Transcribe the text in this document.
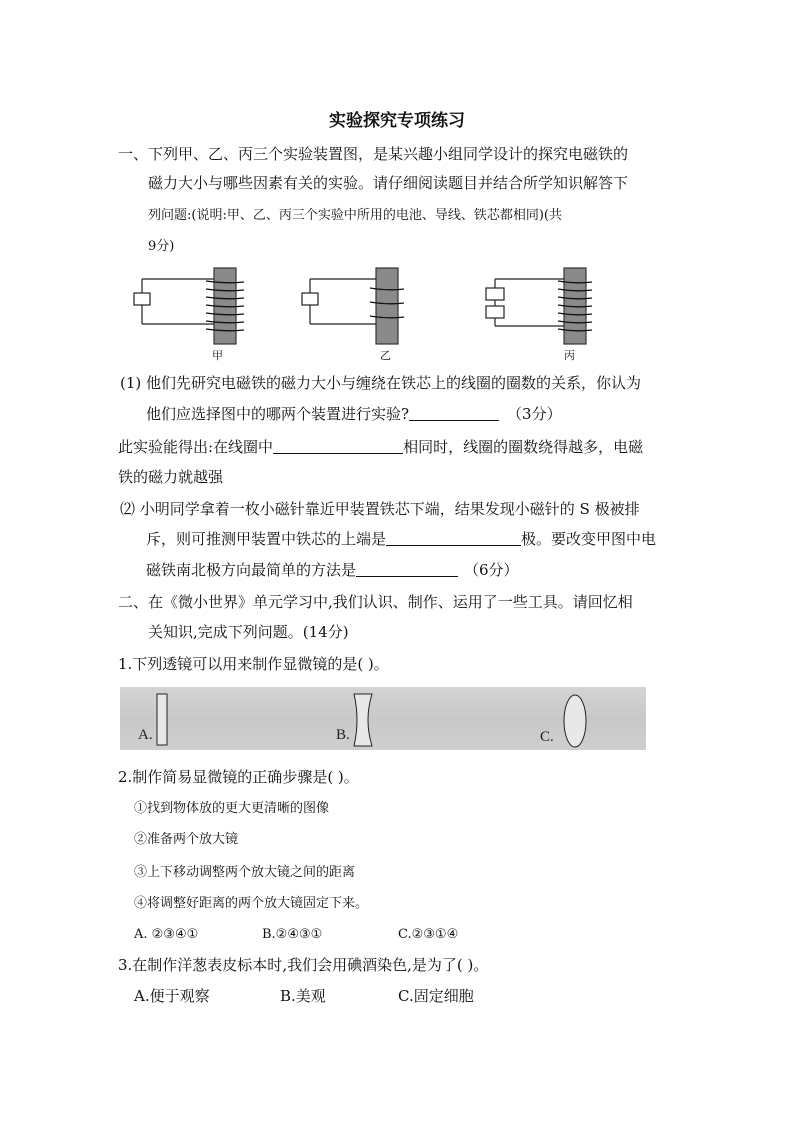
实验探究专项练习
一、下列甲、乙、丙三个实验装置图，是某兴趣小组同学设计的探究电磁铁的
磁力大小与哪些因素有关的实验。请仔细阅读题目并结合所学知识解答下
列问题:(说明:甲、乙、丙三个实验中所用的电池、导线、铁芯都相同)(共
9分)
甲	乙	丙
(1) 他们先研究电磁铁的磁力大小与缠绕在铁芯上的线圈的圈数的关系，你认为
他们应选择图中的哪两个装置进行实验?	（3分）
此实验能得出:在线圈中	相同时，线圈的圈数绕得越多，电磁
铁的磁力就越强
⑵ 小明同学拿着一枚小磁针靠近甲装置铁芯下端，结果发现小磁针的 S 极被排
斥，则可推测甲装置中铁芯的上端是	极。要改变甲图中电
磁铁南北极方向最简单的方法是	（6分）
二、在《微小世界》单元学习中,我们认识、制作、运用了一些工具。请回忆相
关知识,完成下列问题。(14分)
1.下列透镜可以用来制作显微镜的是( )。
A.	B.	C.
2.制作简易显微镜的正确步骤是( )。
①找到物体放的更大更清晰的图像
②准备两个放大镜
③上下移动调整两个放大镜之间的距离
④将调整好距离的两个放大镜固定下来。
A. ②③④①	B.②④③①	C.②③①④
3.在制作洋葱表皮标本时,我们会用碘酒染色,是为了( )。
A.便于观察	B.美观	C.固定细胞
